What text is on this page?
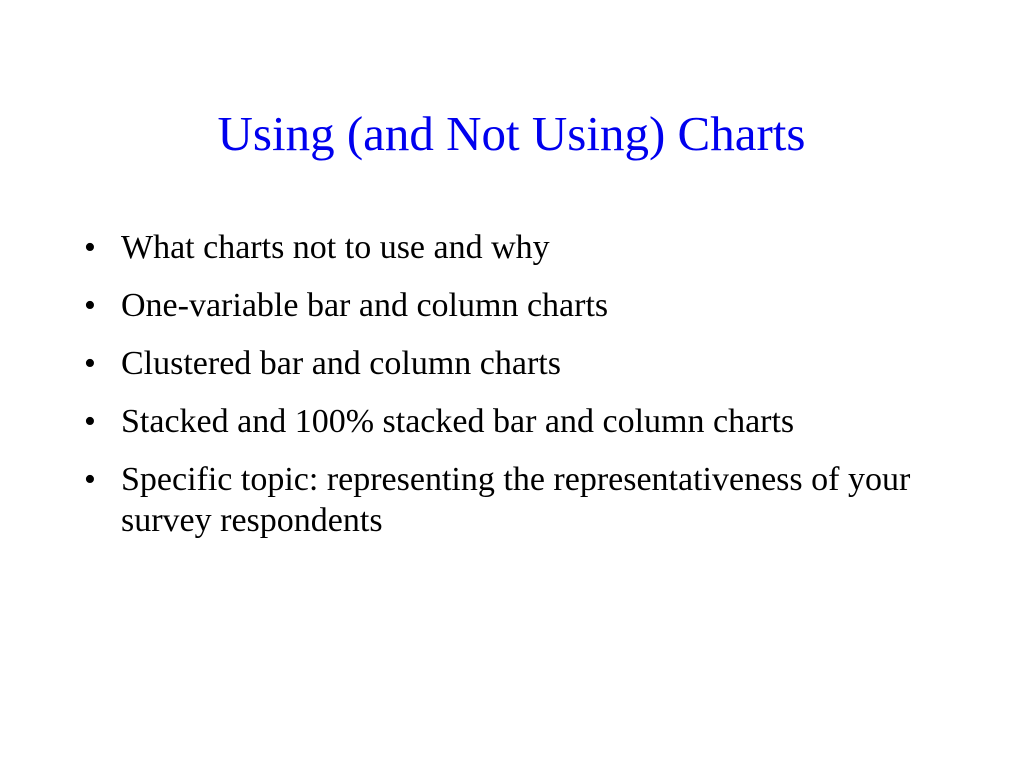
Using (and Not Using) Charts
• What charts not to use and why
• One-variable bar and column charts
• Clustered bar and column charts
• Stacked and 100% stacked bar and column charts
• Specific topic: representing the representativeness of your survey respondents
